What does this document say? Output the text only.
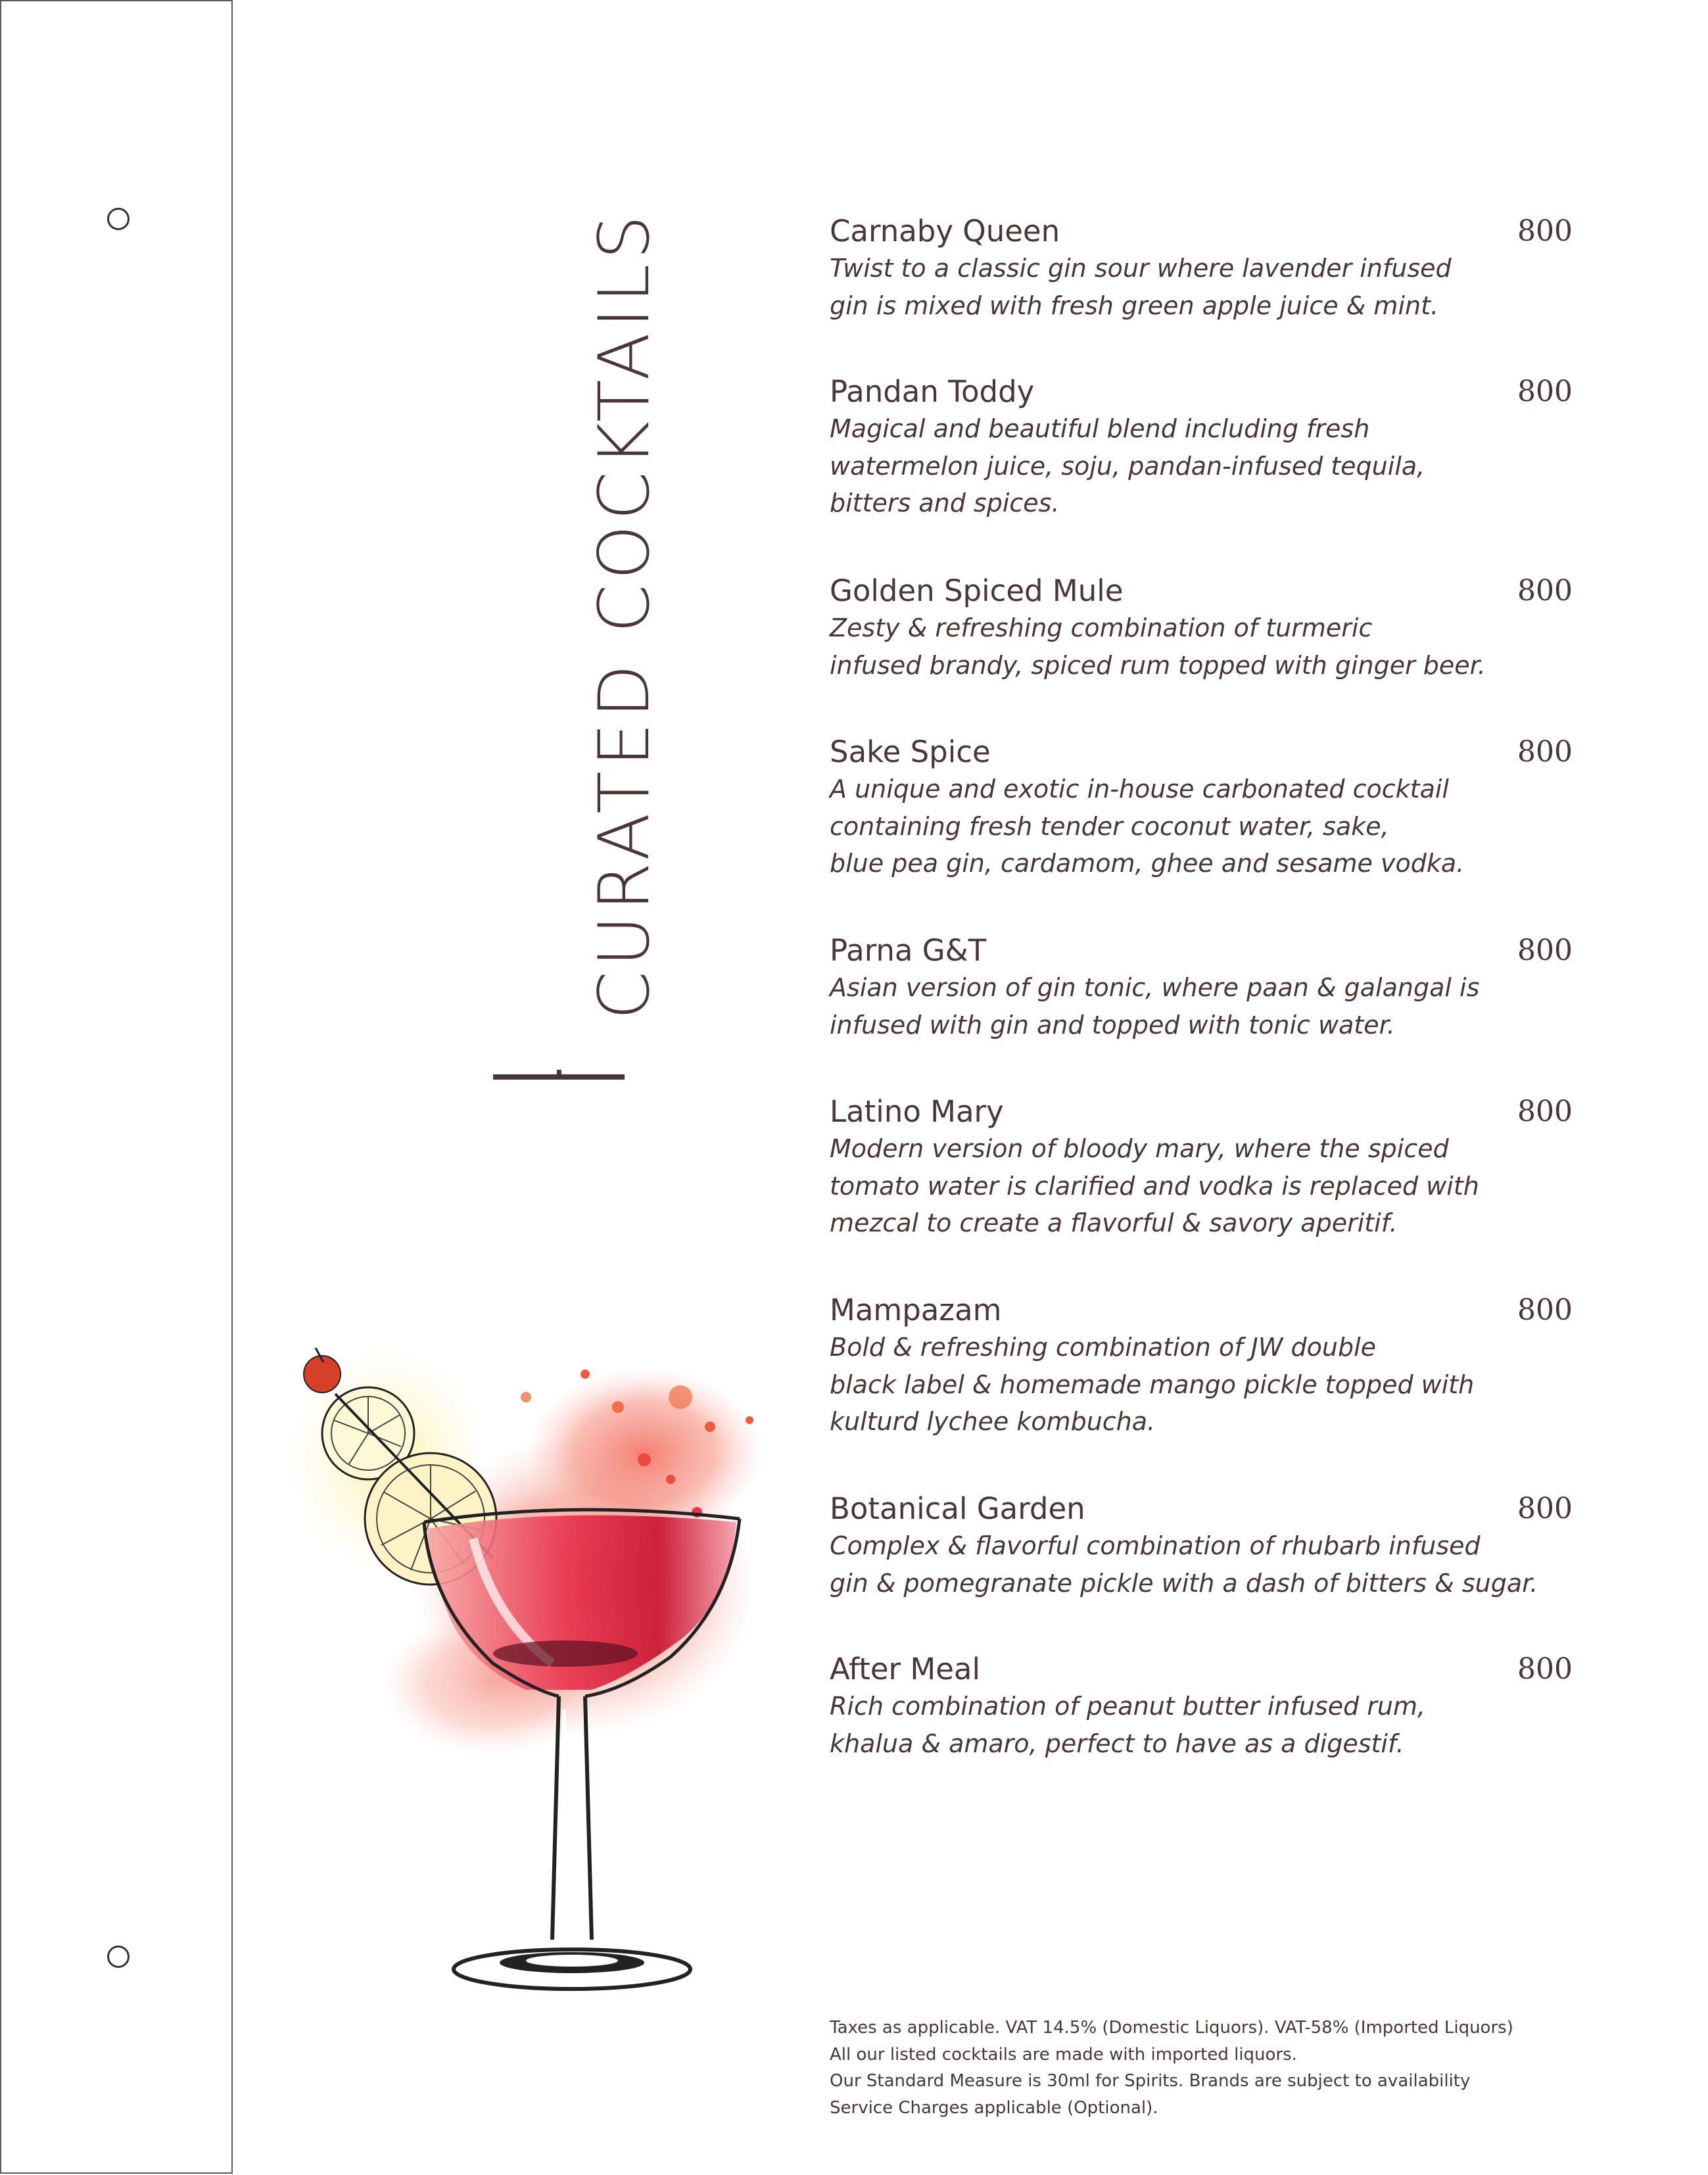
CURATED COCKTAILS	Carnaby Queen	800
Twist to a classic gin sour where lavender infused
gin is mixed with fresh green apple juice & mint.
Pandan Toddy	800
Magical and beautiful blend including fresh
watermelon juice, soju, pandan-infused tequila,
bitters and spices.
Golden Spiced Mule	800
Zesty & refreshing combination of turmeric
infused brandy, spiced rum topped with ginger beer.
Sake Spice	800
A unique and exotic in-house carbonated cocktail
containing fresh tender coconut water, sake,
blue pea gin, cardamom, ghee and sesame vodka.
Parna G&T	800
Asian version of gin tonic, where paan & galangal is
infused with gin and topped with tonic water.
Latino Mary	800
Modern version of bloody mary, where the spiced
tomato water is clarified and vodka is replaced with
mezcal to create a flavorful & savory aperitif.
Mampazam	800
Bold & refreshing combination of JW double
black label & homemade mango pickle topped with
kulturd lychee kombucha.
Botanical Garden	800
Complex & flavorful combination of rhubarb infused
gin & pomegranate pickle with a dash of bitters & sugar.
After Meal	800
Rich combination of peanut butter infused rum,
khalua & amaro, perfect to have as a digestif.
Taxes as applicable. VAT 14.5% (Domestic Liquors). VAT-58% (Imported Liquors)
All our listed cocktails are made with imported liquors.
Our Standard Measure is 30ml for Spirits. Brands are subject to availability
Service Charges applicable (Optional).
